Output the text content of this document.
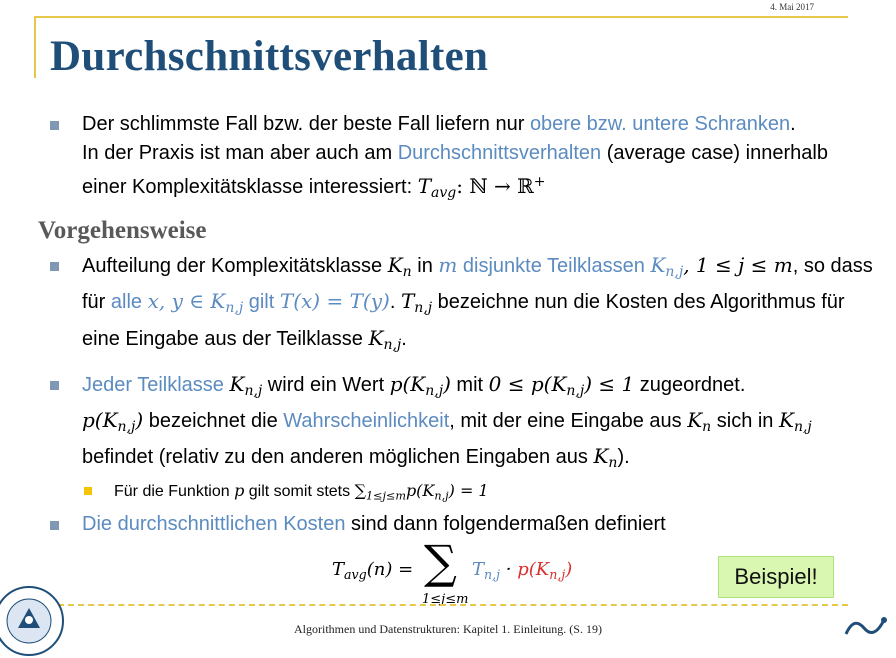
4. Mai 2017
Durchschnittsverhalten
Der schlimmste Fall bzw. der beste Fall liefern nur obere bzw. untere Schranken.
In der Praxis ist man aber auch am Durchschnittsverhalten (average case) innerhalb einer Komplexitätsklasse interessiert: $T_{avg}$: ℕ → ℝ+
Vorgehensweise
Aufteilung der Komplexitätsklasse $K_n$ in m disjunkte Teilklassen $K_{n,j}$, 1 ≤ j ≤ m, so dass für alle x, y ∈ $K_{n,j}$ gilt T(x) = T(y). $T_{n,j}$ bezeichne nun die Kosten des Algorithmus für eine Eingabe aus der Teilklasse $K_{n,j}$.
Jeder Teilklasse $K_{n,j}$ wird ein Wert $p(K_{n,j})$ mit $0 \le p(K_{n,j}) \le 1$ zugeordnet.
$p(K_{n,j})$ bezeichnet die Wahrscheinlichkeit, mit der eine Eingabe aus $K_n$ sich in $K_{n,j}$ befindet (relativ zu den anderen möglichen Eingaben aus $K_n$).
Für die Funktion p gilt somit stets $\sum_{1\le j\le m}p(K_{n,j}) = 1$
Die durchschnittlichen Kosten sind dann folgendermaßen definiert
$T_{avg}(n)$ = ∑
1≤j≤m
$T_{n,j} \cdot p(K_{n,j})$	Beispiel!
Algorithmen und Datenstrukturen: Kapitel 1. Einleitung. (S. 19)
